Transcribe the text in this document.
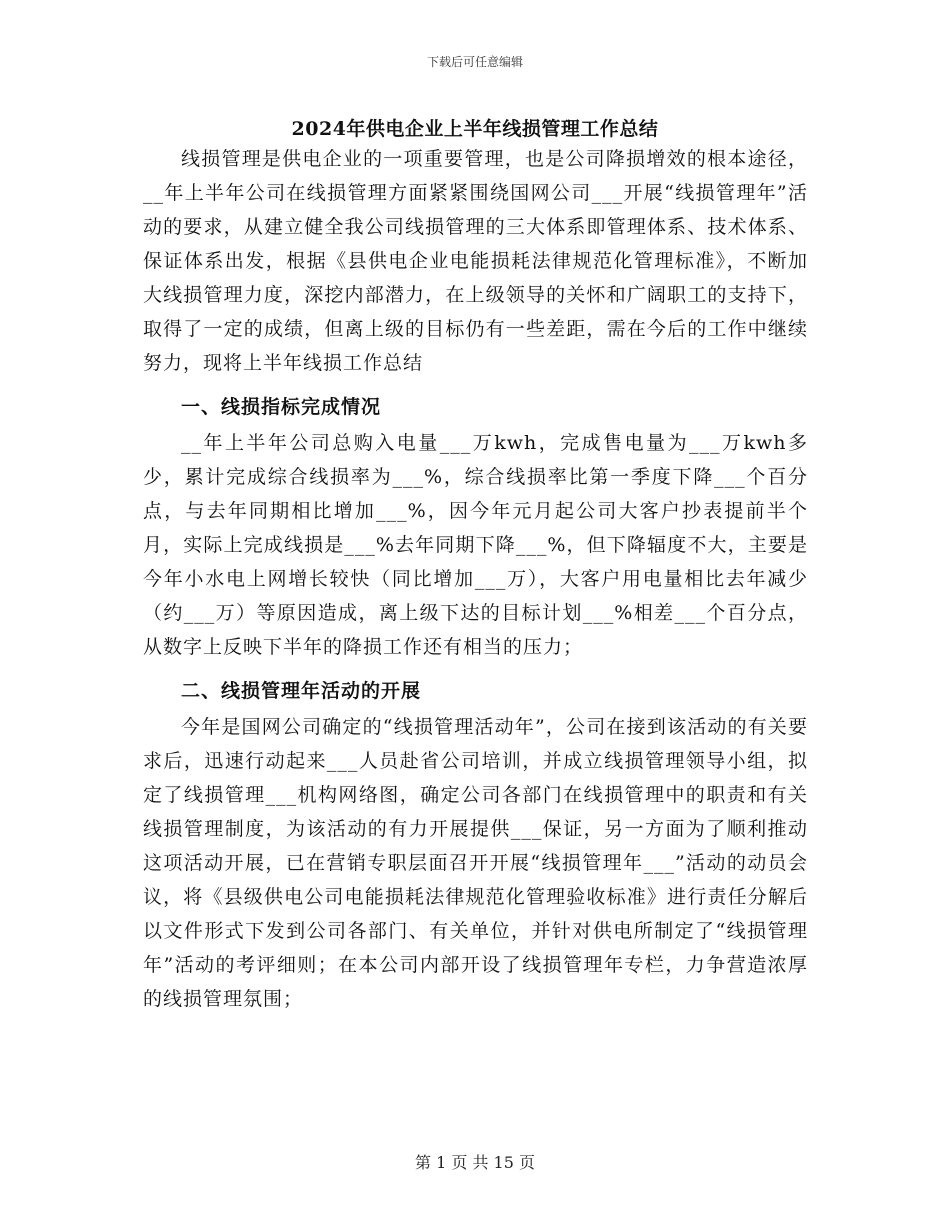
下载后可任意编辑
2024年供电企业上半年线损管理工作总结

线损管理是供电企业的一项重要管理，也是公司降损增效的根本途径，__年上半年公司在线损管理方面紧紧围绕国网公司___开展“线损管理年”活动的要求，从建立健全我公司线损管理的三大体系即管理体系、技术体系、保证体系出发，根据《县供电企业电能损耗法律规范化管理标准》，不断加大线损管理力度，深挖内部潜力，在上级领导的关怀和广阔职工的支持下，取得了一定的成绩，但离上级的目标仍有一些差距，需在今后的工作中继续努力，现将上半年线损工作总结

一、线损指标完成情况

__年上半年公司总购入电量___万kwh，完成售电量为___万kwh多少，累计完成综合线损率为___%，综合线损率比第一季度下降___个百分点，与去年同期相比增加___%，因今年元月起公司大客户抄表提前半个月，实际上完成线损是___%去年同期下降___%，但下降辐度不大，主要是今年小水电上网增长较快（同比增加___万），大客户用电量相比去年减少（约___万）等原因造成，离上级下达的目标计划___%相差___个百分点，从数字上反映下半年的降损工作还有相当的压力；

二、线损管理年活动的开展

今年是国网公司确定的“线损管理活动年”，公司在接到该活动的有关要求后，迅速行动起来___人员赴省公司培训，并成立线损管理领导小组，拟定了线损管理___机构网络图，确定公司各部门在线损管理中的职责和有关线损管理制度，为该活动的有力开展提供___保证，另一方面为了顺利推动这项活动开展，已在营销专职层面召开开展“线损管理年___”活动的动员会议，将《县级供电公司电能损耗法律规范化管理验收标准》进行责任分解后以文件形式下发到公司各部门、有关单位，并针对供电所制定了“线损管理年”活动的考评细则；在本公司内部开设了线损管理年专栏，力争营造浓厚的线损管理氛围；

第 1 页 共 15 页
